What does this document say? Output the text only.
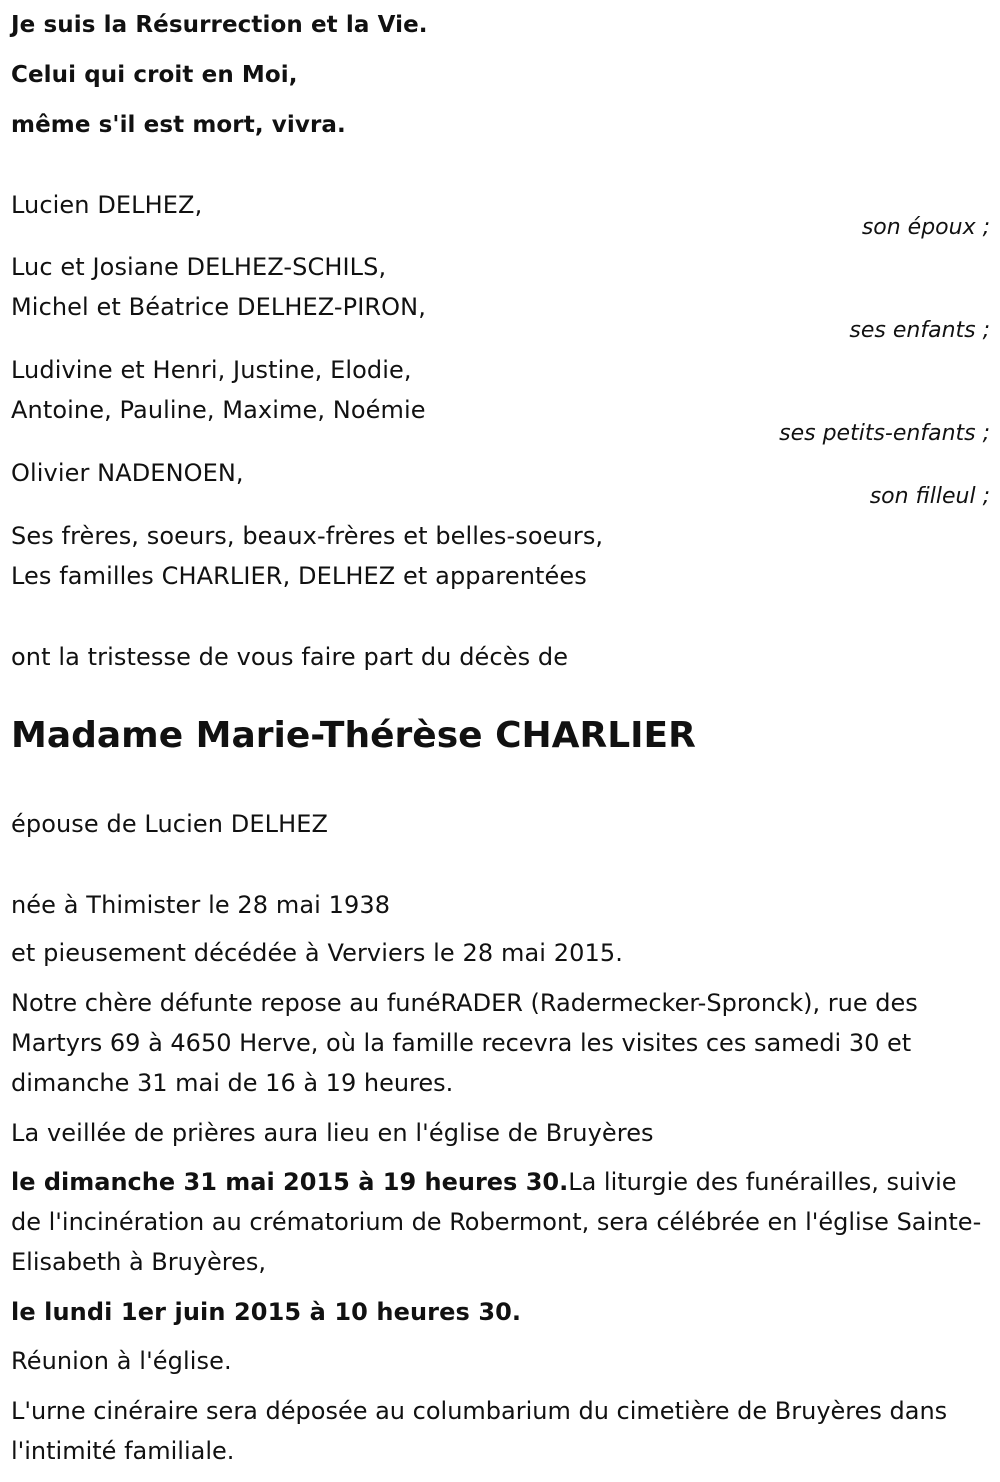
Je suis la Résurrection et la Vie.
Celui qui croit en Moi,
même s'il est mort, vivra.
Lucien DELHEZ,
son époux ;
Luc et Josiane DELHEZ-SCHILS,
Michel et Béatrice DELHEZ-PIRON,
ses enfants ;
Ludivine et Henri, Justine, Elodie,
Antoine, Pauline, Maxime, Noémie
ses petits-enfants ;
Olivier NADENOEN,
son filleul ;
Ses frères, soeurs, beaux-frères et belles-soeurs,
Les familles CHARLIER, DELHEZ et apparentées
ont la tristesse de vous faire part du décès de
Madame Marie-Thérèse CHARLIER
épouse de Lucien DELHEZ
née à Thimister le 28 mai 1938
et pieusement décédée à Verviers le 28 mai 2015.
Notre chère défunte repose au funéRADER (Radermecker-Spronck), rue des Martyrs 69 à 4650 Herve, où la famille recevra les visites ces samedi 30 et dimanche 31 mai de 16 à 19 heures.
La veillée de prières aura lieu en l'église de Bruyères
le dimanche 31 mai 2015 à 19 heures 30.La liturgie des funérailles, suivie de l'incinération au crématorium de Robermont, sera célébrée en l'église Sainte-Elisabeth à Bruyères,
le lundi 1er juin 2015 à 10 heures 30.
Réunion à l'église.
L'urne cinéraire sera déposée au columbarium du cimetière de Bruyères dans l'intimité familiale.
